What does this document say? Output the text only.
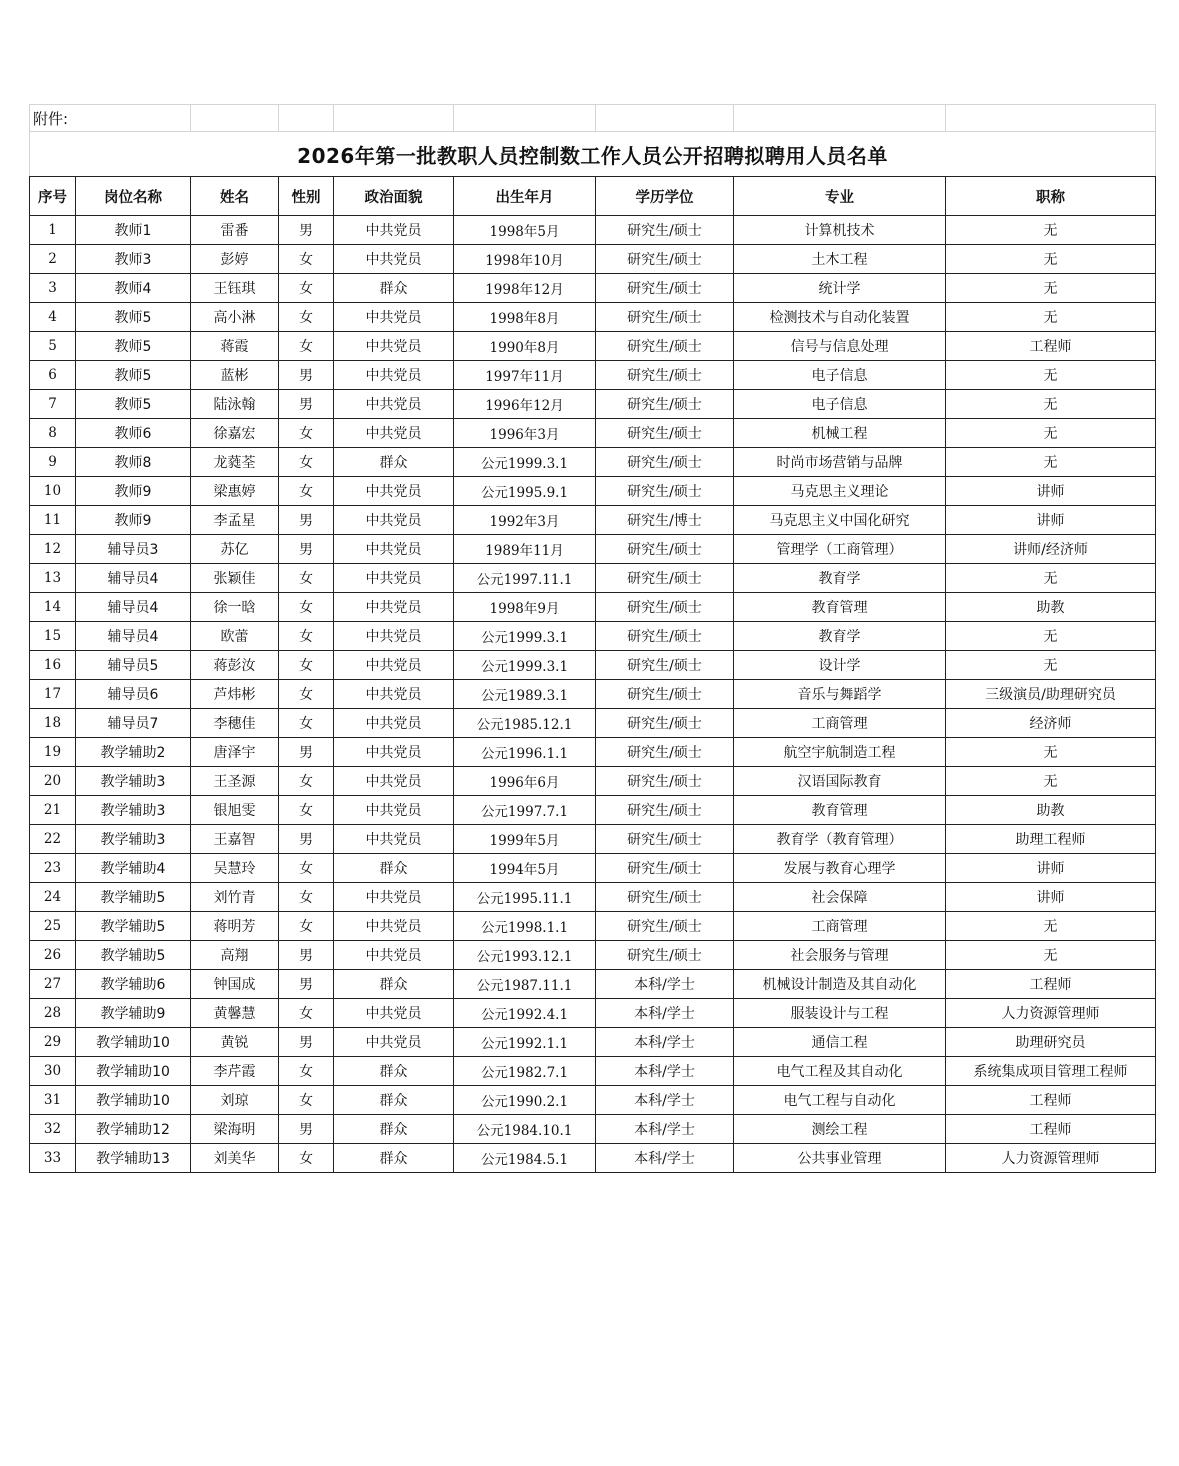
附件:								
2026年第一批教职人员控制数工作人员公开招聘拟聘用人员名单								
序号	岗位名称	姓名	性别	政治面貌	出生年月	学历学位	专业	职称
1	教师1	雷番	男	中共党员	1998年5月	研究生/硕士	计算机技术	无
2	教师3	彭婷	女	中共党员	1998年10月	研究生/硕士	土木工程	无
3	教师4	王钰琪	女	群众	1998年12月	研究生/硕士	统计学	无
4	教师5	高小淋	女	中共党员	1998年8月	研究生/硕士	检测技术与自动化装置	无
5	教师5	蒋霞	女	中共党员	1990年8月	研究生/硕士	信号与信息处理	工程师
6	教师5	蓝彬	男	中共党员	1997年11月	研究生/硕士	电子信息	无
7	教师5	陆泳翰	男	中共党员	1996年12月	研究生/硕士	电子信息	无
8	教师6	徐嘉宏	女	中共党员	1996年3月	研究生/硕士	机械工程	无
9	教师8	龙蕤荃	女	群众	公元1999.3.1	研究生/硕士	时尚市场营销与品牌	无
10	教师9	梁惠婷	女	中共党员	公元1995.9.1	研究生/硕士	马克思主义理论	讲师
11	教师9	李孟星	男	中共党员	1992年3月	研究生/博士	马克思主义中国化研究	讲师
12	辅导员3	苏亿	男	中共党员	1989年11月	研究生/硕士	管理学（工商管理）	讲师/经济师
13	辅导员4	张颖佳	女	中共党员	公元1997.11.1	研究生/硕士	教育学	无
14	辅导员4	徐一晗	女	中共党员	1998年9月	研究生/硕士	教育管理	助教
15	辅导员4	欧蕾	女	中共党员	公元1999.3.1	研究生/硕士	教育学	无
16	辅导员5	蒋彭汝	女	中共党员	公元1999.3.1	研究生/硕士	设计学	无
17	辅导员6	芦炜彬	女	中共党员	公元1989.3.1	研究生/硕士	音乐与舞蹈学	三级演员/助理研究员
18	辅导员7	李穗佳	女	中共党员	公元1985.12.1	研究生/硕士	工商管理	经济师
19	教学辅助2	唐泽宇	男	中共党员	公元1996.1.1	研究生/硕士	航空宇航制造工程	无
20	教学辅助3	王圣源	女	中共党员	1996年6月	研究生/硕士	汉语国际教育	无
21	教学辅助3	银旭雯	女	中共党员	公元1997.7.1	研究生/硕士	教育管理	助教
22	教学辅助3	王嘉智	男	中共党员	1999年5月	研究生/硕士	教育学（教育管理）	助理工程师
23	教学辅助4	吴慧玲	女	群众	1994年5月	研究生/硕士	发展与教育心理学	讲师
24	教学辅助5	刘竹青	女	中共党员	公元1995.11.1	研究生/硕士	社会保障	讲师
25	教学辅助5	蒋明芳	女	中共党员	公元1998.1.1	研究生/硕士	工商管理	无
26	教学辅助5	高翔	男	中共党员	公元1993.12.1	研究生/硕士	社会服务与管理	无
27	教学辅助6	钟国成	男	群众	公元1987.11.1	本科/学士	机械设计制造及其自动化	工程师
28	教学辅助9	黄馨慧	女	中共党员	公元1992.4.1	本科/学士	服装设计与工程	人力资源管理师
29	教学辅助10	黄锐	男	中共党员	公元1992.1.1	本科/学士	通信工程	助理研究员
30	教学辅助10	李芹霞	女	群众	公元1982.7.1	本科/学士	电气工程及其自动化	系统集成项目管理工程师
31	教学辅助10	刘琼	女	群众	公元1990.2.1	本科/学士	电气工程与自动化	工程师
32	教学辅助12	梁海明	男	群众	公元1984.10.1	本科/学士	测绘工程	工程师
33	教学辅助13	刘美华	女	群众	公元1984.5.1	本科/学士	公共事业管理	人力资源管理师
